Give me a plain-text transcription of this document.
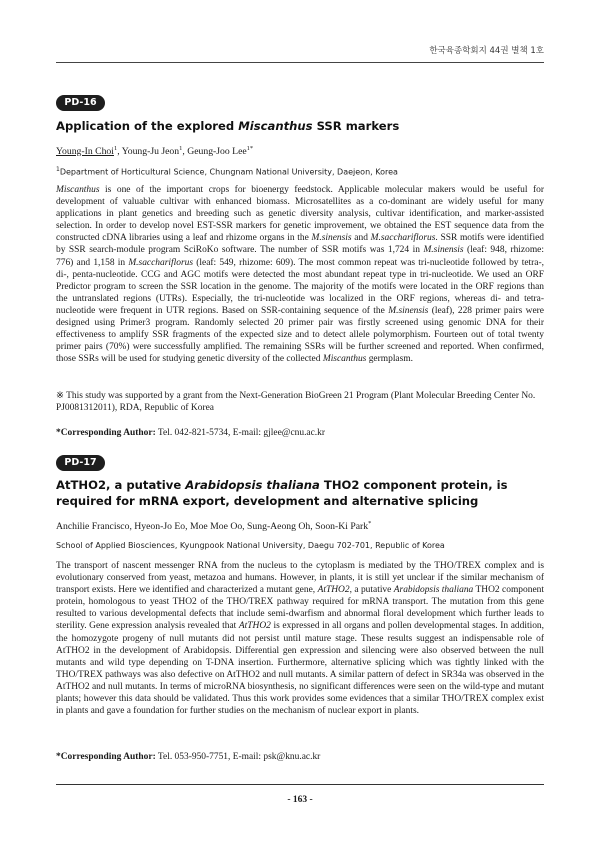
한국육종학회지 44권 별책 1호
PD-16
Application of the explored Miscanthus SSR markers
Young-In Choi$^1$, Young-Ju Jeon$^1$, Geung-Joo Lee$^{1*}$
$^1$Department of Horticultural Science, Chungnam National University, Daejeon, Korea

Miscanthus is one of the important crops for bioenergy feedstock. Applicable molecular makers would be useful for development of valuable cultivar with enhanced biomass. Microsatellites as a co-dominant are widely useful for many applications in plant genetics and breeding such as genetic diversity analysis, cultivar identification, and marker-assisted selection. In order to develop novel EST-SSR markers for genetic improvement, we obtained the EST sequence data from the constructed cDNA libraries using a leaf and rhizome organs in the M.sinensis and M.sacchariflorus. SSR motifs were identified by SSR search-module program SciRoKo software. The number of SSR motifs was 1,724 in M.sinensis (leaf: 948, rhizome: 776) and 1,158 in M.sacchariflorus (leaf: 549, rhizome: 609). The most common repeat was tri-nucleotide followed by tetra-, di-, penta-nucleotide. CCG and AGC motifs were detected the most abundant repeat type in tri-nucleotide. We used an ORF Predictor program to screen the SSR location in the genome. The majority of the motifs were located in the ORF regions than the untranslated regions (UTRs). Especially, the tri-nucleotide was localized in the ORF regions, whereas di- and tetra-nucleotide were frequent in UTR regions. Based on SSR-containing sequence of the M.sinensis (leaf), 228 primer pairs were designed using Primer3 program. Randomly selected 20 primer pair was firstly screened using genomic DNA for their effectiveness to amplify SSR fragments of the expected size and to detect allele polymorphism. Fourteen out of total twenty primer pairs (70%) were successfully amplified. The remaining SSRs will be further screened and reported. When confirmed, those SSRs will be used for studying genetic diversity of the collected Miscanthus germplasm.

※ This study was supported by a grant from the Next-Generation BioGreen 21 Program (Plant Molecular Breeding Center No. PJ0081312011), RDA, Republic of Korea
*Corresponding Author: Tel. 042-821-5734, E-mail: gjlee@cnu.ac.kr
PD-17
AtTHO2, a putative Arabidopsis thaliana THO2 component protein, is required for mRNA export, development and alternative splicing
Anchilie Francisco, Hyeon-Jo Eo, Moe Moe Oo, Sung-Aeong Oh, Soon-Ki Park*
School of Applied Biosciences, Kyungpook National University, Daegu 702-701, Republic of Korea

The transport of nascent messenger RNA from the nucleus to the cytoplasm is mediated by the THO/TREX complex and is evolutionary conserved from yeast, metazoa and humans. However, in plants, it is still yet unclear if the similar mechanism of transport exists. Here we identified and characterized a mutant gene, AtTHO2, a putative Arabidopsis thaliana THO2 component protein, homologous to yeast THO2 of the THO/TREX pathway required for mRNA transport. The mutation from this gene resulted to various developmental defects that include semi-dwarfism and abnormal floral development which further leads to sterility. Gene expression analysis revealed that AtTHO2 is expressed in all organs and pollen developmental stages. In addition, the homozygote progeny of null mutants did not persist until mature stage. These results suggest an indispensable role of AtTHO2 in the development of Arabidopsis. Differential gen expression and silencing were also observed between the null mutants and wild type depending on T-DNA insertion. Furthermore, alternative splicing which was tightly linked with the THO/TREX pathways was also defective on AtTHO2 and null mutants. A similar pattern of defect in SR34a was observed in the AtTHO2 and null mutants. In terms of microRNA biosynthesis, no significant differences were seen on the wild-type and mutant plants; however this data should be validated. Thus this work provides some evidences that a similar THO/TREX complex exist in plants and gave a foundation for further studies on the mechanism of nuclear export in plants.

*Corresponding Author: Tel. 053-950-7751, E-mail: psk@knu.ac.kr
- 163 -
